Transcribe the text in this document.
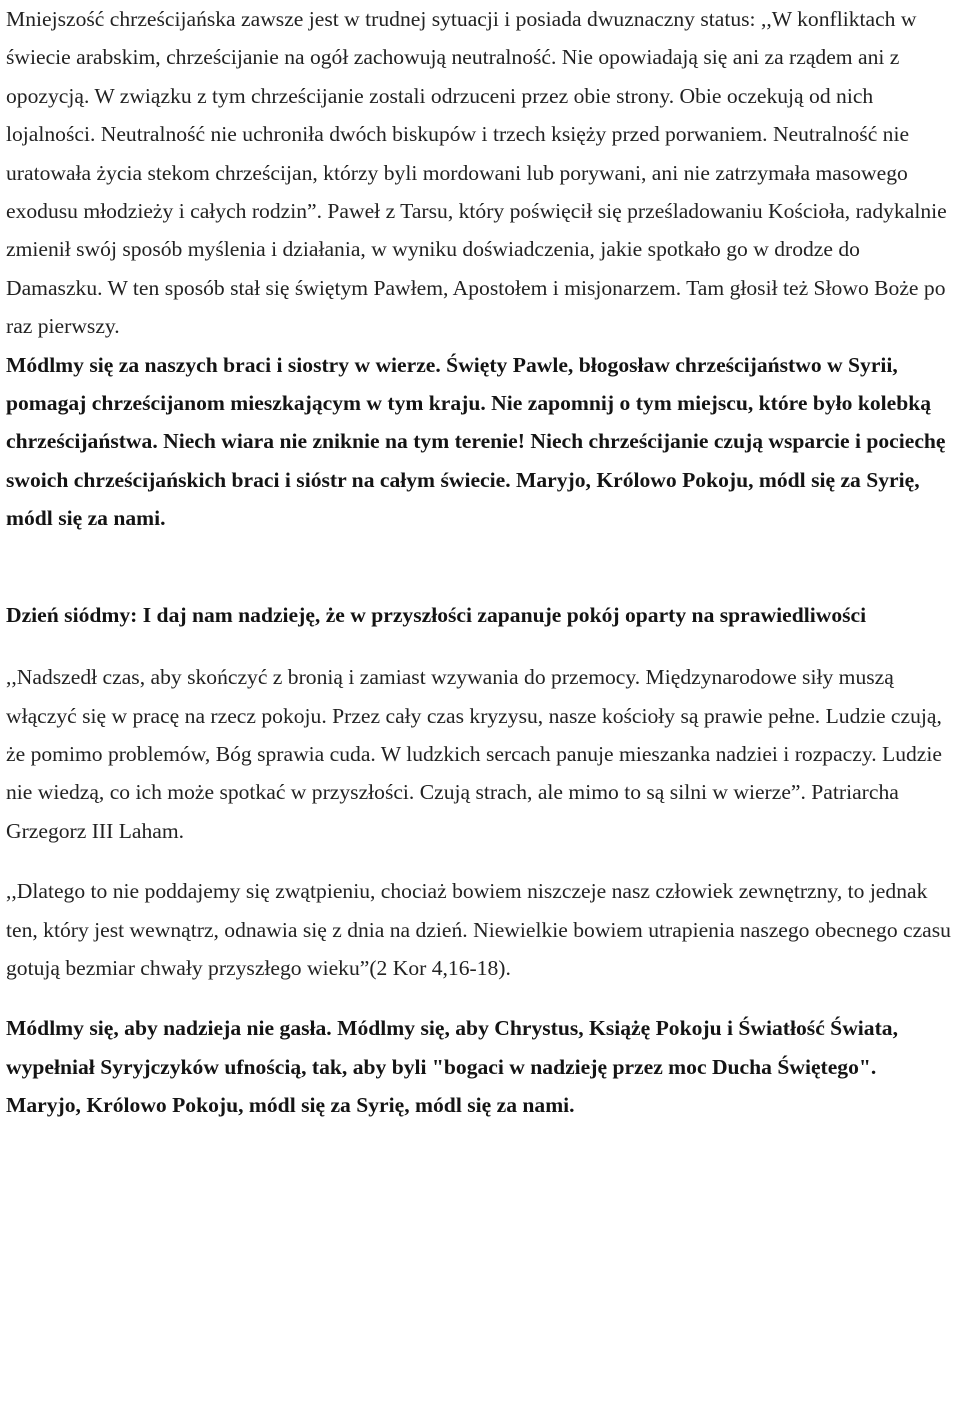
Mniejszość chrześcijańska zawsze jest w trudnej sytuacji i posiada dwuznaczny status: ,,W konfliktach w świecie arabskim, chrześcijanie na ogół zachowują neutralność. Nie opowiadają się ani za rządem ani z opozycją. W związku z tym chrześcijanie zostali odrzuceni przez obie strony. Obie oczekują od nich lojalności. Neutralność nie uchroniła dwóch biskupów i trzech księży przed porwaniem. Neutralność nie uratowała życia stekom chrześcijan, którzy byli mordowani lub porywani, ani nie zatrzymała masowego exodusu młodzieży i całych rodzin”. Paweł z Tarsu, który poświęcił się prześladowaniu Kościoła, radykalnie zmienił swój sposób myślenia i działania, w wyniku doświadczenia, jakie spotkało go w drodze do Damaszku. W ten sposób stał się świętym Pawłem, Apostołem i misjonarzem. Tam głosił też Słowo Boże po raz pierwszy.

Módlmy się za naszych braci i siostry w wierze. Święty Pawle, błogosław chrześcijaństwo w Syrii, pomagaj chrześcijanom mieszkającym w tym kraju. Nie zapomnij o tym miejscu, które było kolebką chrześcijaństwa. Niech wiara nie zniknie na tym terenie! Niech chrześcijanie czują wsparcie i pociechę swoich chrześcijańskich braci i sióstr na całym świecie. Maryjo, Królowo Pokoju, módl się za Syrię, módl się za nami.

Dzień siódmy: I daj nam nadzieję, że w przyszłości zapanuje pokój oparty na sprawiedliwości

,,Nadszedł czas, aby skończyć z bronią i zamiast wzywania do przemocy. Międzynarodowe siły muszą włączyć się w pracę na rzecz pokoju. Przez cały czas kryzysu, nasze kościoły są prawie pełne. Ludzie czują, że pomimo problemów, Bóg sprawia cuda. W ludzkich sercach panuje mieszanka nadziei i rozpaczy. Ludzie nie wiedzą, co ich może spotkać w przyszłości. Czują strach, ale mimo to są silni w wierze”. Patriarcha Grzegorz III Laham.

,,Dlatego to nie poddajemy się zwątpieniu, chociaż bowiem niszczeje nasz człowiek zewnętrzny, to jednak ten, który jest wewnątrz, odnawia się z dnia na dzień. Niewielkie bowiem utrapienia naszego obecnego czasu gotują bezmiar chwały przyszłego wieku”(2 Kor 4,16-18).

Módlmy się, aby nadzieja nie gasła. Módlmy się, aby Chrystus, Książę Pokoju i Światłość Świata, wypełniał Syryjczyków ufnością, tak, aby byli "bogaci w nadzieję przez moc Ducha Świętego". Maryjo, Królowo Pokoju, módl się za Syrię, módl się za nami.
